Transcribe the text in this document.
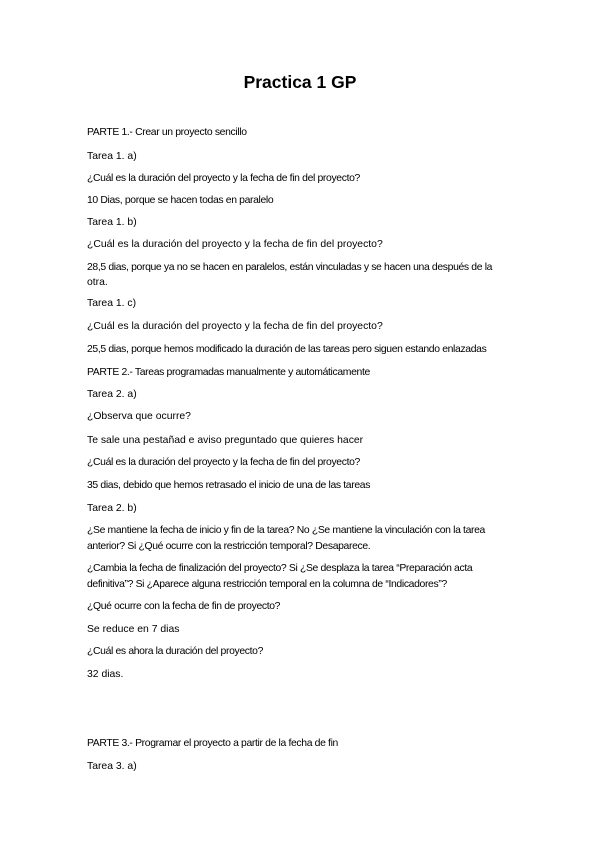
Practica 1 GP
PARTE 1.- Crear un proyecto sencillo
Tarea 1. a)
¿Cuál es la duración del proyecto y la fecha de fin del proyecto?
10 Dias, porque se hacen todas en paralelo
Tarea 1. b)
¿Cuál es la duración del proyecto y la fecha de fin del proyecto?
28,5 dias, porque ya no se hacen en paralelos, están vinculadas y se hacen una después de la
otra.
Tarea 1. c)
¿Cuál es la duración del proyecto y la fecha de fin del proyecto?
25,5 dias, porque hemos modificado la duración de las tareas pero siguen estando enlazadas
PARTE 2.- Tareas programadas manualmente y automáticamente
Tarea 2. a)
¿Observa que ocurre?
Te sale una pestañad e aviso preguntado que quieres hacer
¿Cuál es la duración del proyecto y la fecha de fin del proyecto?
35 dias, debido que hemos retrasado el inicio de una de las tareas
Tarea 2. b)
¿Se mantiene la fecha de inicio y fin de la tarea? No ¿Se mantiene la vinculación con la tarea
anterior? Si ¿Qué ocurre con la restricción temporal? Desaparece.
¿Cambia la fecha de finalización del proyecto? Si ¿Se desplaza la tarea “Preparación acta
definitiva”? Si ¿Aparece alguna restricción temporal en la columna de “Indicadores”?
¿Qué ocurre con la fecha de fin de proyecto?
Se reduce en 7 dias
¿Cuál es ahora la duración del proyecto?
32 dias.
PARTE 3.- Programar el proyecto a partir de la fecha de fin
Tarea 3. a)
